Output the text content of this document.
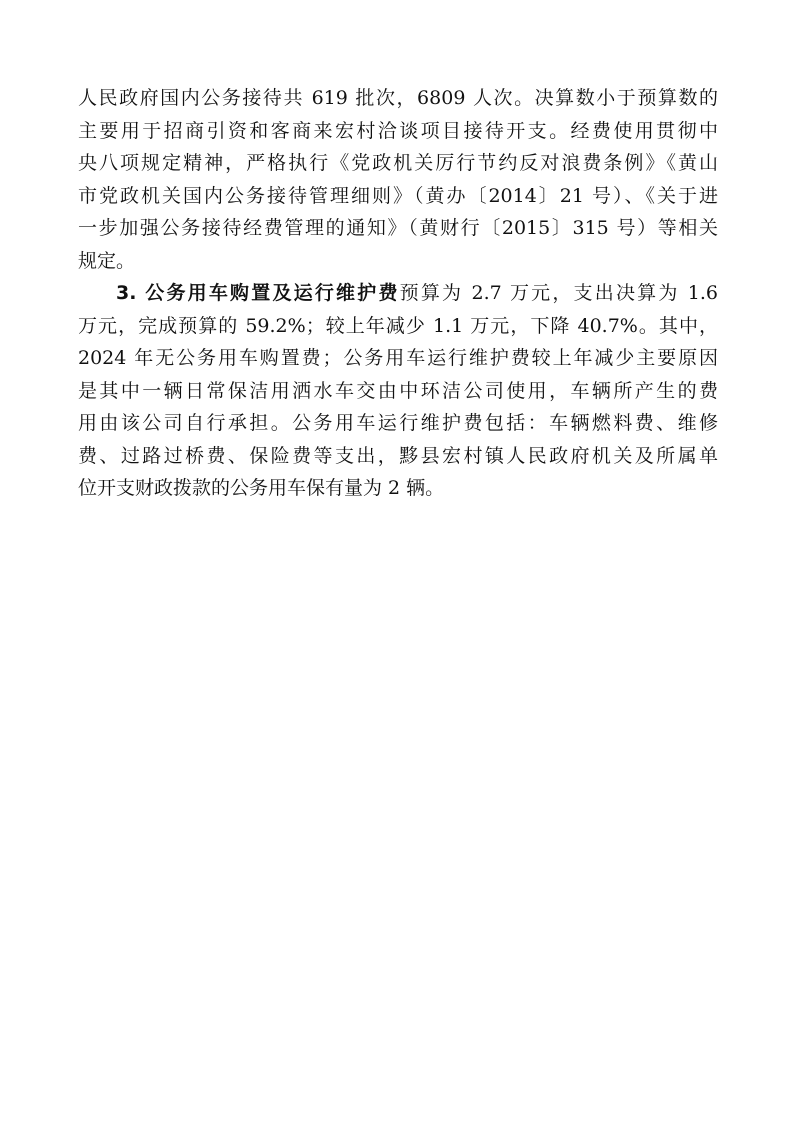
人民政府国内公务接待共 619 批次，6809 人次。决算数小于预算数的
主要用于招商引资和客商来宏村洽谈项目接待开支。经费使用贯彻中
央八项规定精神，严格执行《党政机关厉行节约反对浪费条例》《黄山
市党政机关国内公务接待管理细则》（黄办〔2014〕21 号）、《关于进
一步加强公务接待经费管理的通知》（黄财行〔2015〕315 号）等相关
规定。
3. 公务用车购置及运行维护费预算为 2.7 万元，支出决算为 1.6
万元，完成预算的 59.2%；较上年减少 1.1 万元，下降 40.7%。其中，
2024 年无公务用车购置费；公务用车运行维护费较上年减少主要原因
是其中一辆日常保洁用洒水车交由中环洁公司使用，车辆所产生的费
用由该公司自行承担。公务用车运行维护费包括：车辆燃料费、维修
费、过路过桥费、保险费等支出，黟县宏村镇人民政府机关及所属单
位开支财政拨款的公务用车保有量为 2 辆。
